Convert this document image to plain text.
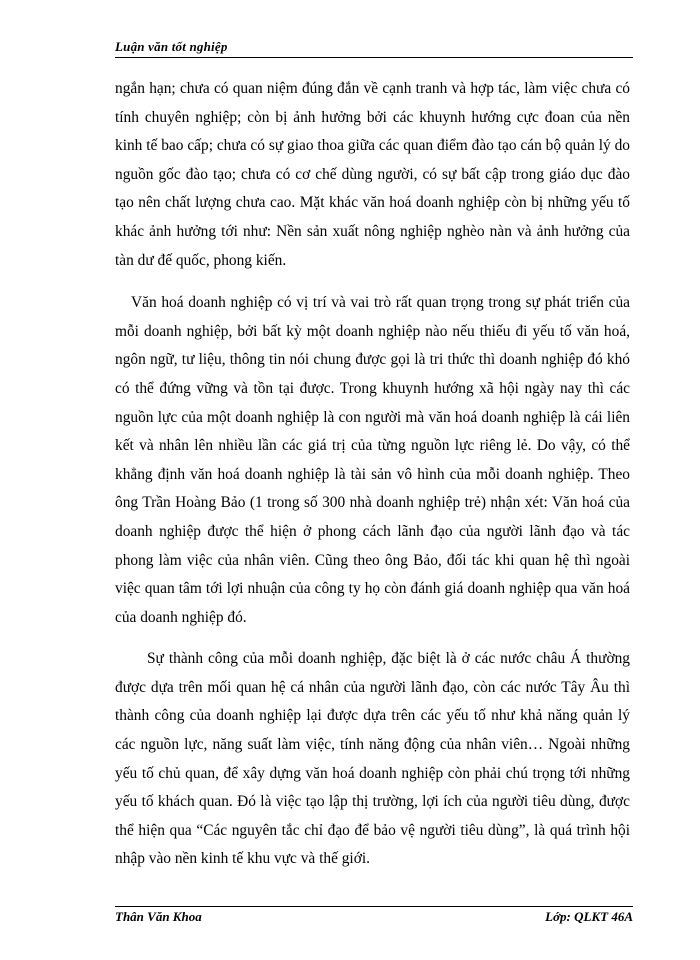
Luận văn tốt nghiệp

ngắn hạn; chưa có quan niệm đúng đắn về cạnh tranh và hợp tác, làm việc chưa có tính chuyên nghiệp; còn bị ảnh hưởng bởi các khuynh hướng cực đoan của nền kinh tế bao cấp; chưa có sự giao thoa giữa các quan điểm đào tạo cán bộ quản lý do nguồn gốc đào tạo; chưa có cơ chế dùng người, có sự bất cập trong giáo dục đào tạo nên chất lượng chưa cao. Mặt khác văn hoá doanh nghiệp còn bị những yếu tố khác ảnh hưởng tới như: Nền sản xuất nông nghiệp nghèo nàn và ảnh hưởng của tàn dư đế quốc, phong kiến.

Văn hoá doanh nghiệp có vị trí và vai trò rất quan trọng trong sự phát triển của mỗi doanh nghiệp, bởi bất kỳ một doanh nghiệp nào nếu thiếu đi yếu tố văn hoá, ngôn ngữ, tư liệu, thông tin nói chung được gọi là tri thức thì doanh nghiệp đó khó có thể đứng vững và tồn tại được. Trong khuynh hướng xã hội ngày nay thì các nguồn lực của một doanh nghiệp là con người mà văn hoá doanh nghiệp là cái liên kết và nhân lên nhiều lần các giá trị của từng nguồn lực riêng lẻ. Do vậy, có thể khẳng định văn hoá doanh nghiệp là tài sản vô hình của mỗi doanh nghiệp. Theo ông Trần Hoàng Bảo (1 trong số 300 nhà doanh nghiệp trẻ) nhận xét: Văn hoá của doanh nghiệp được thể hiện ở phong cách lãnh đạo của người lãnh đạo và tác phong làm việc của nhân viên. Cũng theo ông Bảo, đối tác khi quan hệ thì ngoài việc quan tâm tới lợi nhuận của công ty họ còn đánh giá doanh nghiệp qua văn hoá của doanh nghiệp đó.

Sự thành công của mỗi doanh nghiệp, đặc biệt là ở các nước châu Á thường được dựa trên mối quan hệ cá nhân của người lãnh đạo, còn các nước Tây Âu thì thành công của doanh nghiệp lại được dựa trên các yếu tố như khả năng quản lý các nguồn lực, năng suất làm việc, tính năng động của nhân viên… Ngoài những yếu tố chủ quan, để xây dựng văn hoá doanh nghiệp còn phải chú trọng tới những yếu tố khách quan. Đó là việc tạo lập thị trường, lợi ích của người tiêu dùng, được thể hiện qua “Các nguyên tắc chỉ đạo để bảo vệ người tiêu dùng”, là quá trình hội nhập vào nền kinh tế khu vực và thế giới.

Thân Văn Khoa	Lớp: QLKT 46A
